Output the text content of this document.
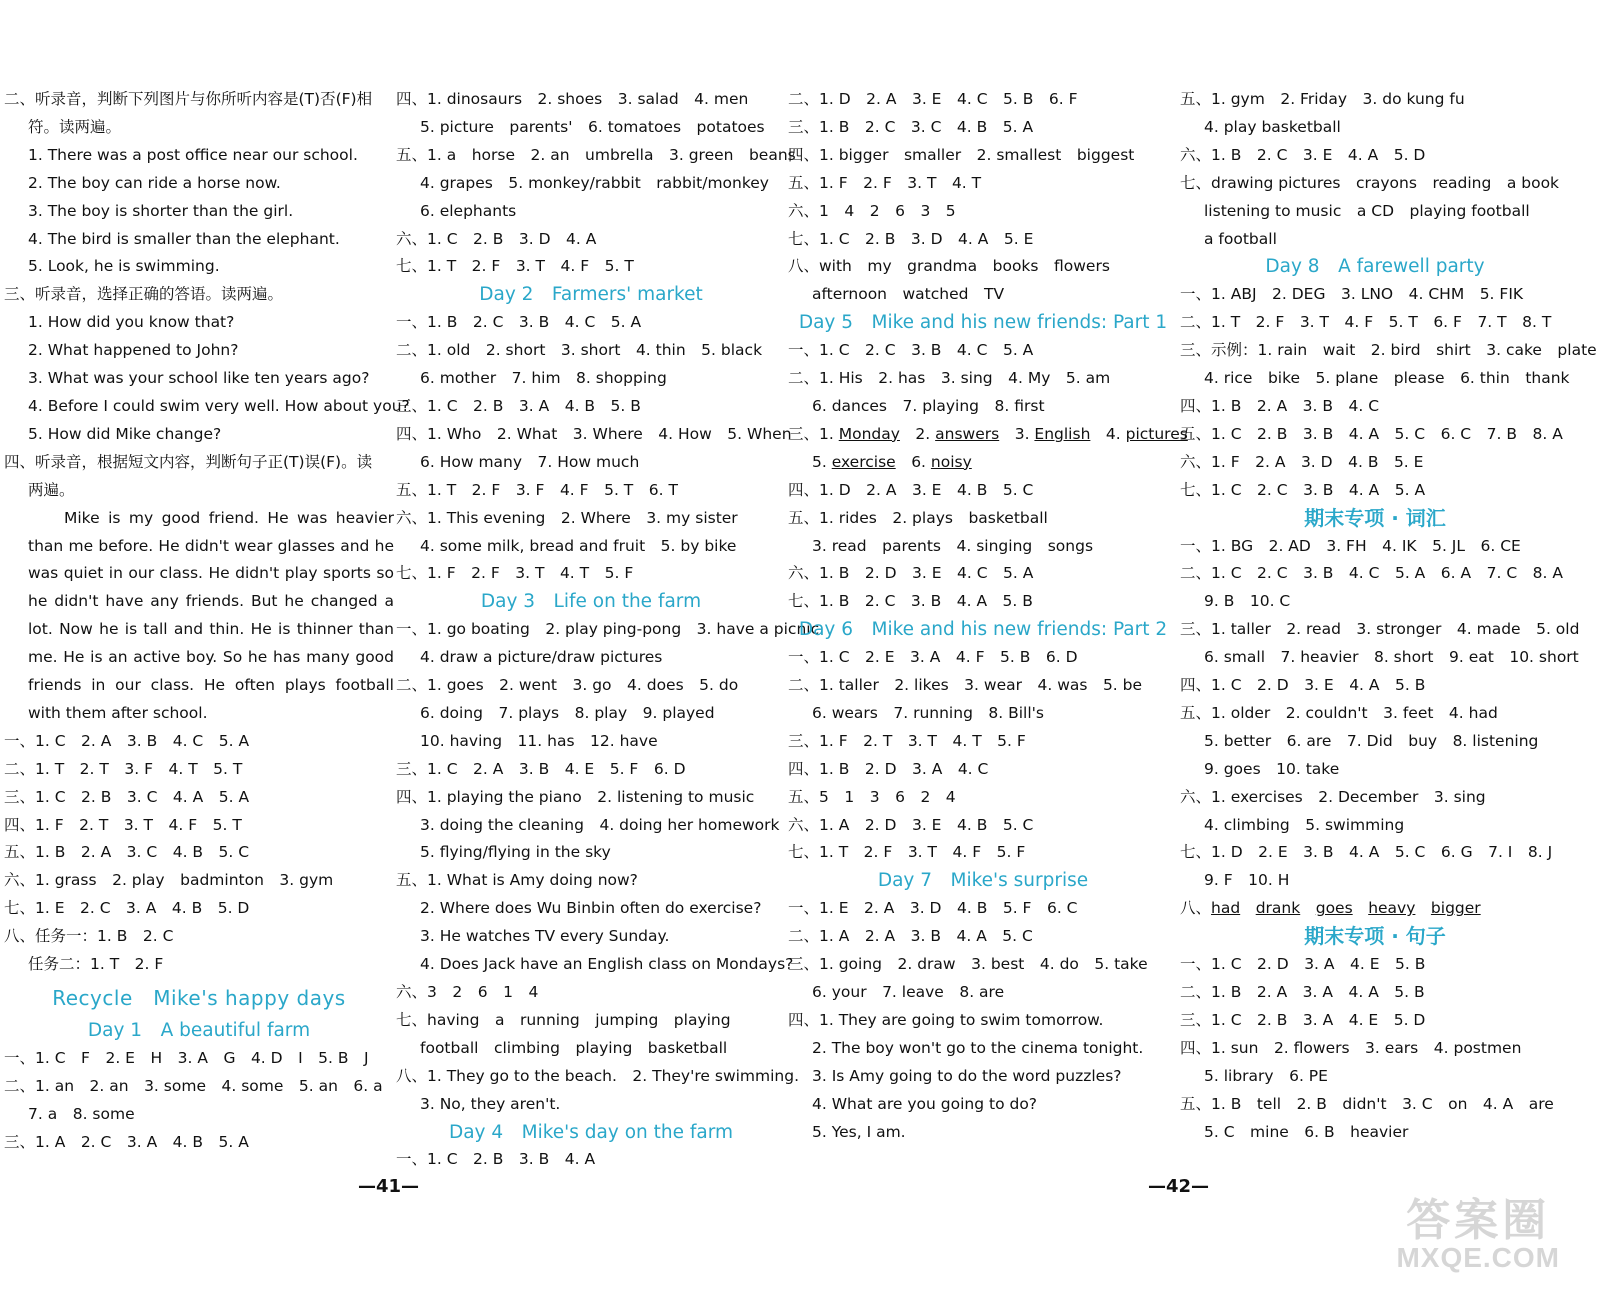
二、听录音，判断下列图片与你所听内容是(T)否(F)相
符。读两遍。
1. There was a post office near our school.
2. The boy can ride a horse now.
3. The boy is shorter than the girl.
4. The bird is smaller than the elephant.
5. Look, he is swimming.
三、听录音，选择正确的答语。读两遍。
1. How did you know that?
2. What happened to John?
3. What was your school like ten years ago?
4. Before I could swim very well. How about you?
5. How did Mike change?
四、听录音，根据短文内容，判断句子正(T)误(F)。读
两遍。
Mike is my good friend. He was heavier than me before. He didn't wear glasses and he was quiet in our class. He didn't play sports so he didn't have any friends. But he changed a lot. Now he is tall and thin. He is thinner than me. He is an active boy. So he has many good friends in our class. He often plays football with them after school.
一、1. C　2. A　3. B　4. C　5. A
二、1. T　2. T　3. F　4. T　5. T
三、1. C　2. B　3. C　4. A　5. A
四、1. F　2. T　3. T　4. F　5. T
五、1. B　2. A　3. C　4. B　5. C
六、1. grass　2. play　badminton　3. gym
七、1. E　2. C　3. A　4. B　5. D
八、任务一：1. B　2. C
任务二：1. T　2. F
Recycle　Mike's happy days
Day 1　A beautiful farm
一、1. C　F　2. E　H　3. A　G　4. D　I　5. B　J
二、1. an　2. an　3. some　4. some　5. an　6. a
7. a　8. some
三、1. A　2. C　3. A　4. B　5. A
四、1. dinosaurs　2. shoes　3. salad　4. men
5. picture　parents'　6. tomatoes　potatoes
五、1. a　horse　2. an　umbrella　3. green　beans
4. grapes　5. monkey/rabbit　rabbit/monkey
6. elephants
六、1. C　2. B　3. D　4. A
七、1. T　2. F　3. T　4. F　5. T
Day 2　Farmers' market
一、1. B　2. C　3. B　4. C　5. A
二、1. old　2. short　3. short　4. thin　5. black
6. mother　7. him　8. shopping
三、1. C　2. B　3. A　4. B　5. B
四、1. Who　2. What　3. Where　4. How　5. When
6. How many　7. How much
五、1. T　2. F　3. F　4. F　5. T　6. T
六、1. This evening　2. Where　3. my sister
4. some milk, bread and fruit　5. by bike
七、1. F　2. F　3. T　4. T　5. F
Day 3　Life on the farm
一、1. go boating　2. play ping-pong　3. have a picnic
4. draw a picture/draw pictures
二、1. goes　2. went　3. go　4. does　5. do
6. doing　7. plays　8. play　9. played
10. having　11. has　12. have
三、1. C　2. A　3. B　4. E　5. F　6. D
四、1. playing the piano　2. listening to music
3. doing the cleaning　4. doing her homework
5. flying/flying in the sky
五、1. What is Amy doing now?
2. Where does Wu Binbin often do exercise?
3. He watches TV every Sunday.
4. Does Jack have an English class on Mondays?
六、3　2　6　1　4
七、having　a　running　jumping　playing
football　climbing　playing　basketball
八、1. They go to the beach.　2. They're swimming.
3. No, they aren't.
Day 4　Mike's day on the farm
一、1. C　2. B　3. B　4. A
二、1. D　2. A　3. E　4. C　5. B　6. F
三、1. B　2. C　3. C　4. B　5. A
四、1. bigger　smaller　2. smallest　biggest
五、1. F　2. F　3. T　4. T
六、1　4　2　6　3　5
七、1. C　2. B　3. D　4. A　5. E
八、with　my　grandma　books　flowers
afternoon　watched　TV
Day 5　Mike and his new friends: Part 1
一、1. C　2. C　3. B　4. C　5. A
二、1. His　2. has　3. sing　4. My　5. am
6. dances　7. playing　8. first
三、1. Monday　2. answers　3. English　4. pictures
5. exercise　6. noisy
四、1. D　2. A　3. E　4. B　5. C
五、1. rides　2. plays　basketball
3. read　parents　4. singing　songs
六、1. B　2. D　3. E　4. C　5. A
七、1. B　2. C　3. B　4. A　5. B
Day 6　Mike and his new friends: Part 2
一、1. C　2. E　3. A　4. F　5. B　6. D
二、1. taller　2. likes　3. wear　4. was　5. be
6. wears　7. running　8. Bill's
三、1. F　2. T　3. T　4. T　5. F
四、1. B　2. D　3. A　4. C
五、5　1　3　6　2　4
六、1. A　2. D　3. E　4. B　5. C
七、1. T　2. F　3. T　4. F　5. F
Day 7　Mike's surprise
一、1. E　2. A　3. D　4. B　5. F　6. C
二、1. A　2. A　3. B　4. A　5. C
三、1. going　2. draw　3. best　4. do　5. take
6. your　7. leave　8. are
四、1. They are going to swim tomorrow.
2. The boy won't go to the cinema tonight.
3. Is Amy going to do the word puzzles?
4. What are you going to do?
5. Yes, I am.
五、1. gym　2. Friday　3. do kung fu
4. play basketball
六、1. B　2. C　3. E　4. A　5. D
七、drawing pictures　crayons　reading　a book
listening to music　a CD　playing football
a football
Day 8　A farewell party
一、1. ABJ　2. DEG　3. LNO　4. CHM　5. FIK
二、1. T　2. F　3. T　4. F　5. T　6. F　7. T　8. T
三、示例：1. rain　wait　2. bird　shirt　3. cake　plate
4. rice　bike　5. plane　please　6. thin　thank
四、1. B　2. A　3. B　4. C
五、1. C　2. B　3. B　4. A　5. C　6. C　7. B　8. A
六、1. F　2. A　3. D　4. B　5. E
七、1. C　2. C　3. B　4. A　5. A
期末专项 · 词汇
一、1. BG　2. AD　3. FH　4. IK　5. JL　6. CE
二、1. C　2. C　3. B　4. C　5. A　6. A　7. C　8. A
9. B　10. C
三、1. taller　2. read　3. stronger　4. made　5. old
6. small　7. heavier　8. short　9. eat　10. short
四、1. C　2. D　3. E　4. A　5. B
五、1. older　2. couldn't　3. feet　4. had
5. better　6. are　7. Did　buy　8. listening
9. goes　10. take
六、1. exercises　2. December　3. sing
4. climbing　5. swimming
七、1. D　2. E　3. B　4. A　5. C　6. G　7. I　8. J
9. F　10. H
八、had　 drank　 goes　 heavy　 bigger
期末专项 · 句子
一、1. C　2. D　3. A　4. E　5. B
二、1. B　2. A　3. A　4. A　5. B
三、1. C　2. B　3. A　4. E　5. D
四、1. sun　2. flowers　3. ears　4. postmen
5. library　6. PE
五、1. B　tell　2. B　didn't　3. C　on　4. A　are
5. C　mine　6. B　heavier
—41—	—42—
答案圈
MXQE.COM
